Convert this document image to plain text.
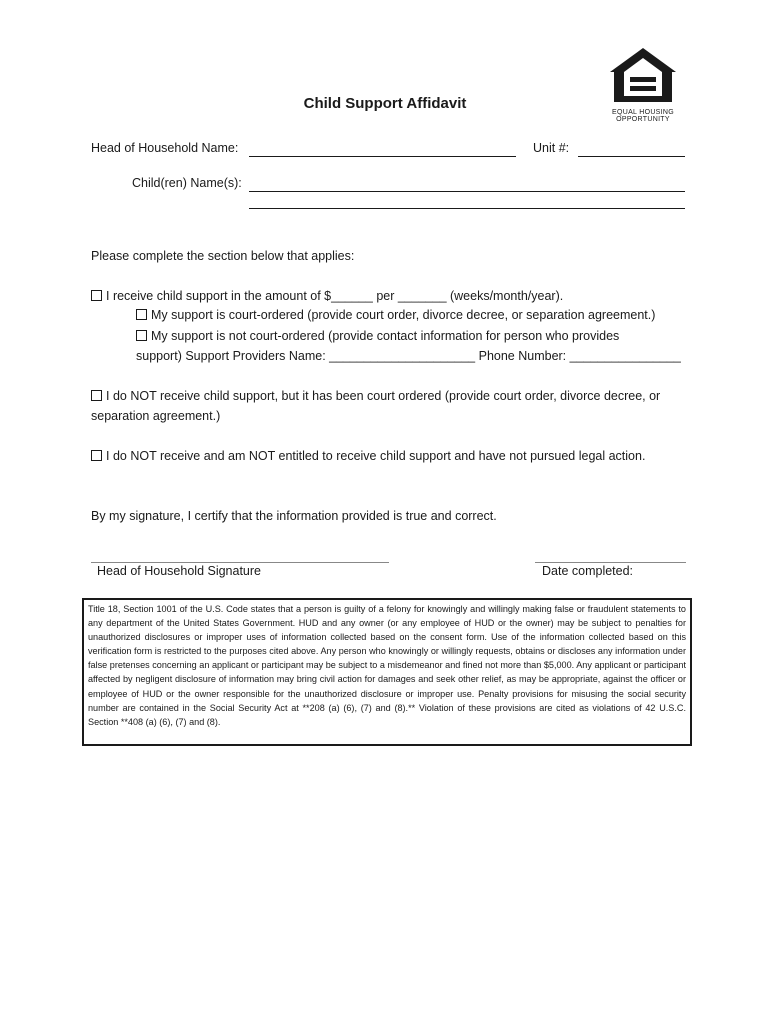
EQUAL HOUSING
OPPORTUNITY
Child Support Affidavit
Head of Household Name:	Unit #:
Child(ren) Name(s):
Please complete the section below that applies:
I receive child support in the amount of $______ per _______ (weeks/month/year).
My support is court-ordered (provide court order, divorce decree, or separation agreement.)
My support is not court-ordered (provide contact information for person who provides
support) Support Providers Name: _____________________ Phone Number: ________________
I do NOT receive child support, but it has been court ordered (provide court order, divorce decree, or
separation agreement.)
I do NOT receive and am NOT entitled to receive child support and have not pursued legal action.
By my signature, I certify that the information provided is true and correct.
Head of Household Signature	Date completed:
Title 18, Section 1001 of the U.S. Code states that a person is guilty of a felony for knowingly and willingly making false or fraudulent statements to any department of the United States Government. HUD and any owner (or any employee of HUD or the owner) may be subject to penalties for unauthorized disclosures or improper uses of information collected based on the consent form. Use of the information collected based on this verification form is restricted to the purposes cited above. Any person who knowingly or willingly requests, obtains or discloses any information under false pretenses concerning an applicant or participant may be subject to a misdemeanor and fined not more than $5,000. Any applicant or participant affected by negligent disclosure of information may bring civil action for damages and seek other relief, as may be appropriate, against the officer or employee of HUD or the owner responsible for the unauthorized disclosure or improper use. Penalty provisions for misusing the social security number are contained in the Social Security Act at **208 (a) (6), (7) and (8).** Violation of these provisions are cited as violations of 42 U.S.C. Section **408 (a) (6), (7) and (8).
